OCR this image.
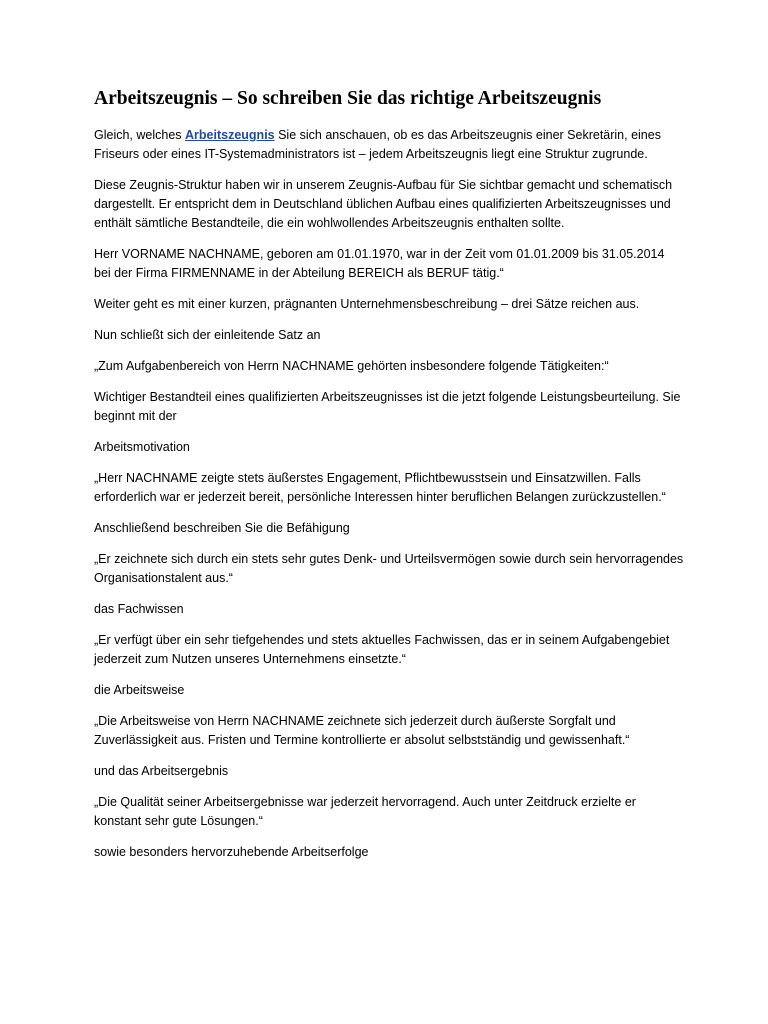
Arbeitszeugnis – So schreiben Sie das richtige Arbeitszeugnis

Gleich, welches Arbeitszeugnis Sie sich anschauen, ob es das Arbeitszeugnis einer Sekretärin, eines Friseurs oder eines IT-Systemadministrators ist – jedem Arbeitszeugnis liegt eine Struktur zugrunde.

Diese Zeugnis-Struktur haben wir in unserem Zeugnis-Aufbau für Sie sichtbar gemacht und schematisch dargestellt. Er entspricht dem in Deutschland üblichen Aufbau eines qualifizierten Arbeitszeugnisses und enthält sämtliche Bestandteile, die ein wohlwollendes Arbeitszeugnis enthalten sollte.

Herr VORNAME NACHNAME, geboren am 01.01.1970, war in der Zeit vom 01.01.2009 bis 31.05.2014 bei der Firma FIRMENNAME in der Abteilung BEREICH als BERUF tätig.“

Weiter geht es mit einer kurzen, prägnanten Unternehmensbeschreibung – drei Sätze reichen aus.

Nun schließt sich der einleitende Satz an

„Zum Aufgabenbereich von Herrn NACHNAME gehörten insbesondere folgende Tätigkeiten:“

Wichtiger Bestandteil eines qualifizierten Arbeitszeugnisses ist die jetzt folgende Leistungsbeurteilung. Sie beginnt mit der

Arbeitsmotivation

„Herr NACHNAME zeigte stets äußerstes Engagement, Pflichtbewusstsein und Einsatzwillen. Falls erforderlich war er jederzeit bereit, persönliche Interessen hinter beruflichen Belangen zurückzustellen.“

Anschließend beschreiben Sie die Befähigung

„Er zeichnete sich durch ein stets sehr gutes Denk- und Urteilsvermögen sowie durch sein hervorragendes Organisationstalent aus.“

das Fachwissen

„Er verfügt über ein sehr tiefgehendes und stets aktuelles Fachwissen, das er in seinem Aufgabengebiet jederzeit zum Nutzen unseres Unternehmens einsetzte.“

die Arbeitsweise

„Die Arbeitsweise von Herrn NACHNAME zeichnete sich jederzeit durch äußerste Sorgfalt und Zuverlässigkeit aus. Fristen und Termine kontrollierte er absolut selbstständig und gewissenhaft.“

und das Arbeitsergebnis

„Die Qualität seiner Arbeitsergebnisse war jederzeit hervorragend. Auch unter Zeitdruck erzielte er konstant sehr gute Lösungen.“

sowie besonders hervorzuhebende Arbeitserfolge
